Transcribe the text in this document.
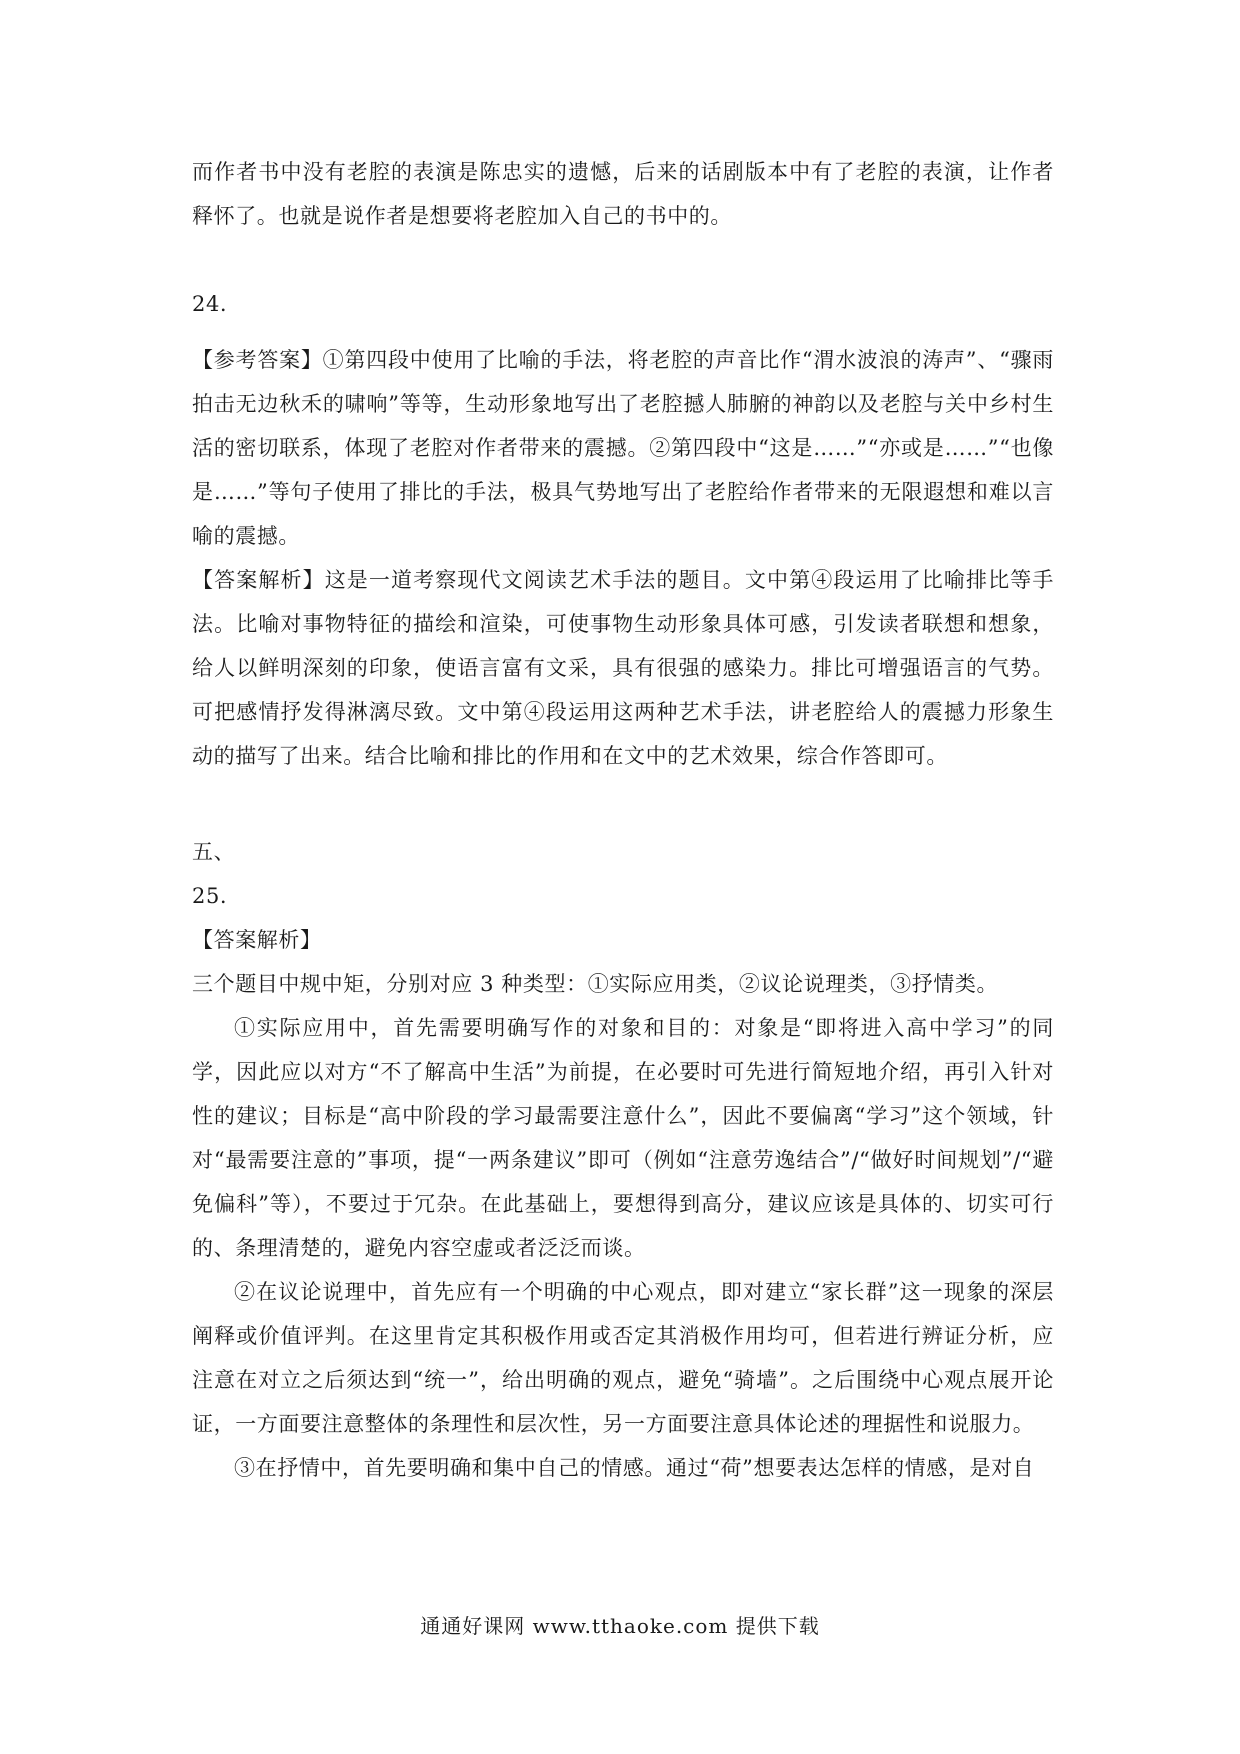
而作者书中没有老腔的表演是陈忠实的遗憾，后来的话剧版本中有了老腔的表演，让作者释怀了。也就是说作者是想要将老腔加入自己的书中的。

24.

【参考答案】①第四段中使用了比喻的手法，将老腔的声音比作“渭水波浪的涛声”、“骤雨拍击无边秋禾的啸响”等等，生动形象地写出了老腔撼人肺腑的神韵以及老腔与关中乡村生活的密切联系，体现了老腔对作者带来的震撼。②第四段中“这是……”“亦或是……”“也像是……”等句子使用了排比的手法，极具气势地写出了老腔给作者带来的无限遐想和难以言喻的震撼。

【答案解析】这是一道考察现代文阅读艺术手法的题目。文中第④段运用了比喻排比等手法。比喻对事物特征的描绘和渲染，可使事物生动形象具体可感，引发读者联想和想象，给人以鲜明深刻的印象，使语言富有文采，具有很强的感染力。排比可增强语言的气势。可把感情抒发得淋漓尽致。文中第④段运用这两种艺术手法，讲老腔给人的震撼力形象生动的描写了出来。结合比喻和排比的作用和在文中的艺术效果，综合作答即可。

五、

25.

【答案解析】

三个题目中规中矩，分别对应 3 种类型：①实际应用类，②议论说理类，③抒情类。

①实际应用中，首先需要明确写作的对象和目的：对象是“即将进入高中学习”的同学，因此应以对方“不了解高中生活”为前提，在必要时可先进行简短地介绍，再引入针对性的建议；目标是“高中阶段的学习最需要注意什么”，因此不要偏离“学习”这个领域，针对“最需要注意的”事项，提“一两条建议”即可（例如“注意劳逸结合”/“做好时间规划”/“避免偏科”等），不要过于冗杂。在此基础上，要想得到高分，建议应该是具体的、切实可行的、条理清楚的，避免内容空虚或者泛泛而谈。

②在议论说理中，首先应有一个明确的中心观点，即对建立“家长群”这一现象的深层阐释或价值评判。在这里肯定其积极作用或否定其消极作用均可，但若进行辨证分析，应注意在对立之后须达到“统一”，给出明确的观点，避免“骑墙”。之后围绕中心观点展开论证，一方面要注意整体的条理性和层次性，另一方面要注意具体论述的理据性和说服力。

③在抒情中，首先要明确和集中自己的情感。通过“荷”想要表达怎样的情感，是对自

通通好课网 www.tthaoke.com 提供下载
